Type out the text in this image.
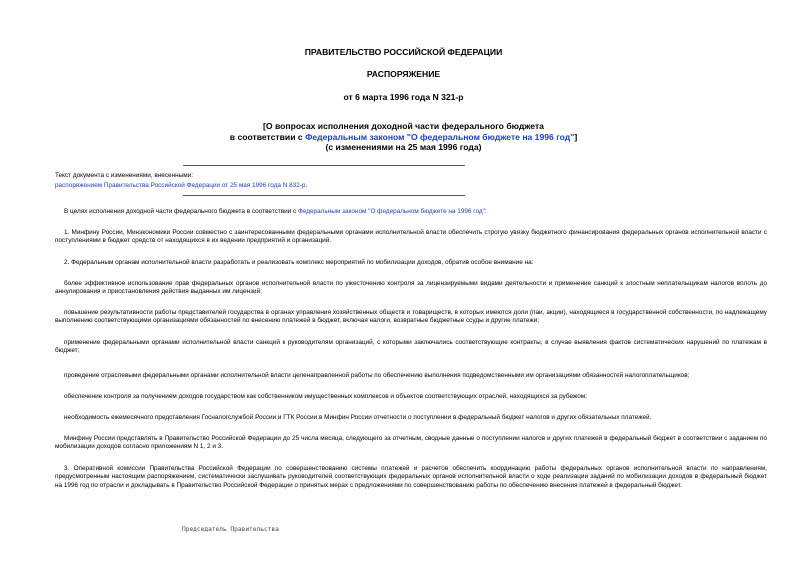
ПРАВИТЕЛЬСТВО РОССИЙСКОЙ ФЕДЕРАЦИИ
РАСПОРЯЖЕНИЕ
от 6 марта 1996 года N 321-р
[О вопросах исполнения доходной части федерального бюджета
в соответствии с Федеральным законом "О федеральном бюджете на 1996 год"]
(с изменениями на 25 мая 1996 года)
Текст документа с изменениями, внесенными:
распоряжением Правительства Российской Федерации от 25 мая 1996 года N 832-р.
В целях исполнения доходной части федерального бюджета в соответствии с Федеральным законом "О федеральном бюджете на 1996 год":
1. Минфину России, Минэкономики России совместно с заинтересованными федеральными органами исполнительной власти обеспечить строгую увязку бюджетного финансирования федеральных органов исполнительной власти с поступлениями в бюджет средств от находящихся в их ведении предприятий и организаций.
2. Федеральным органам исполнительной власти разработать и реализовать комплекс мероприятий по мобилизации доходов, обратив особое внимание на:
более эффективное использование прав федеральных органов исполнительной власти по ужесточению контроля за лицензируемыми видами деятельности и применение санкций к злостным неплательщикам налогов вплоть до аннулирования и приостановления действия выданных им лицензий;
повышение результативности работы представителей государства в органах управления хозяйственных обществ и товариществ, в которых имеются доли (паи, акции), находящиеся в государственной собственности, по надлежащему выполнению соответствующими организациями обязанностей по внесению платежей в бюджет, включая налоги, возвратные бюджетные ссуды и другие платежи;
применение федеральными органами исполнительной власти санкций к руководителям организаций, с которыми заключались соответствующие контракты, в случае выявления фактов систематических нарушений по платежам в бюджет;
проведение отраслевыми федеральными органами исполнительной власти целенаправленной работы по обеспечению выполнения подведомственными им организациями обязанностей налогоплательщиков;
обеспечение контроля за получением доходов государством как собственником имущественных комплексов и объектов соответствующих отраслей, находящихся за рубежом;
необходимость ежемесячного представления Госналогслужбой России и ГТК России в Минфин России отчетности о поступлении в федеральный бюджет налогов и других обязательных платежей.
Минфину России представлять в Правительство Российской Федерации до 25 числа месяца, следующего за отчетным, сводные данные о поступлении налогов и других платежей в федеральный бюджет в соответствии с заданием по мобилизации доходов согласно приложениям N 1, 2 и 3.
3. Оперативной комиссии Правительства Российской Федерации по совершенствованию системы платежей и расчетов обеспечить координацию работы федеральных органов исполнительной власти по направлениям, предусмотренным настоящим распоряжением, систематически заслушивать руководителей соответствующих федеральных органов исполнительной власти о ходе реализации заданий по мобилизации доходов в федеральный бюджет на 1996 год по отрасли и докладывать в Правительство Российской Федерации о принятых мерах с предложениями по совершенствованию работы по обеспечению внесения платежей в федеральный бюджет.
Председатель Правительства
